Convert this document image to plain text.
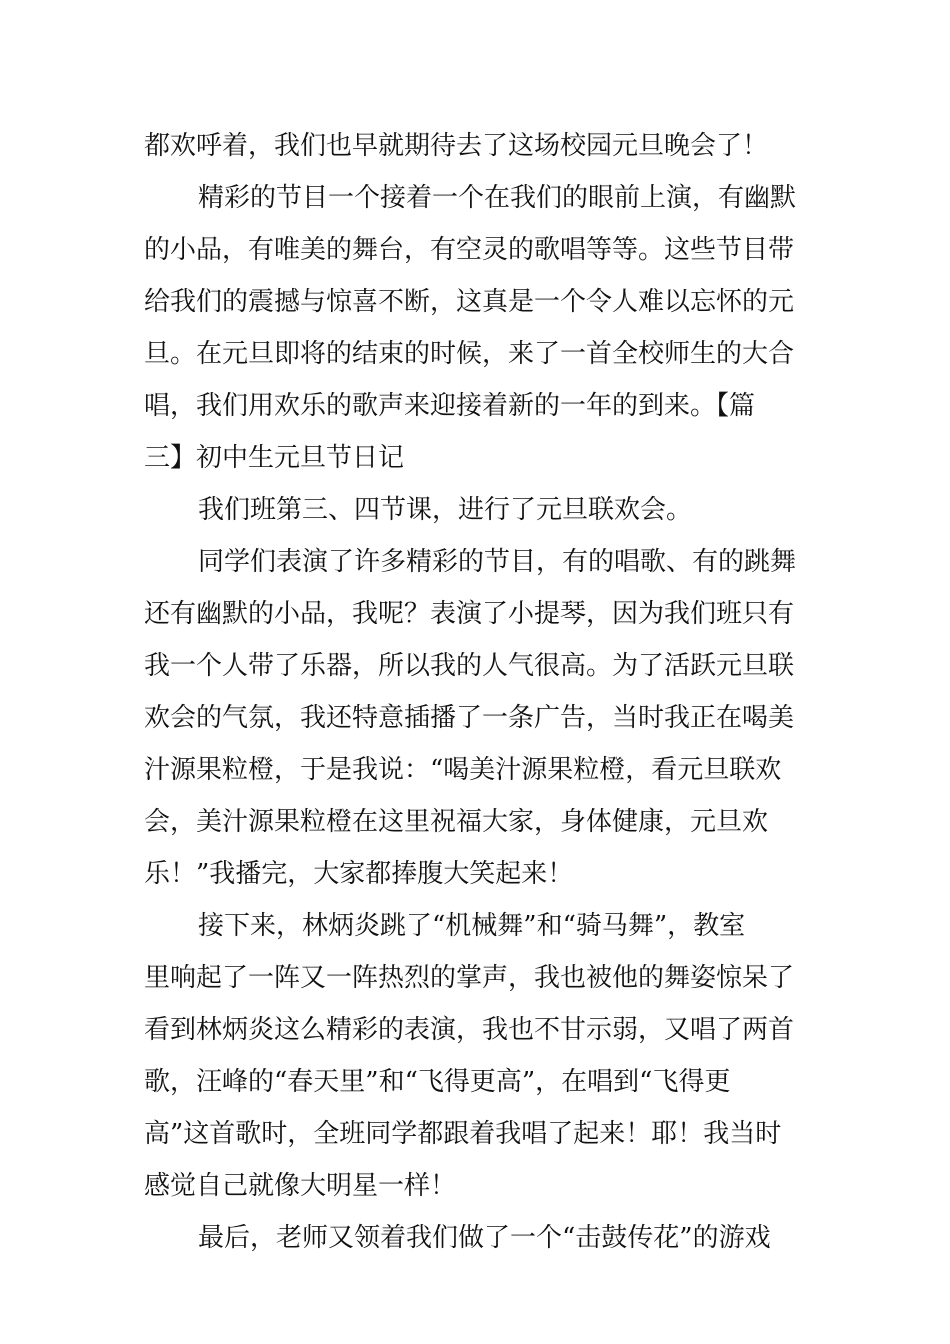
都欢呼着，我们也早就期待去了这场校园元旦晚会了！
精彩的节目一个接着一个在我们的眼前上演，有幽默
的小品，有唯美的舞台，有空灵的歌唱等等。这些节目带
给我们的震撼与惊喜不断，这真是一个令人难以忘怀的元
旦。在元旦即将的结束的时候，来了一首全校师生的大合
唱，我们用欢乐的歌声来迎接着新的一年的到来。【篇
三】初中生元旦节日记
我们班第三、四节课，进行了元旦联欢会。
同学们表演了许多精彩的节目，有的唱歌、有的跳舞
还有幽默的小品，我呢？表演了小提琴，因为我们班只有
我一个人带了乐器，所以我的人气很高。为了活跃元旦联
欢会的气氛，我还特意插播了一条广告，当时我正在喝美
汁源果粒橙，于是我说：“喝美汁源果粒橙，看元旦联欢
会，美汁源果粒橙在这里祝福大家，身体健康，元旦欢
乐！”我播完，大家都捧腹大笑起来！
接下来，林炳炎跳了“机械舞”和“骑马舞”，教室
里响起了一阵又一阵热烈的掌声，我也被他的舞姿惊呆了
看到林炳炎这么精彩的表演，我也不甘示弱，又唱了两首
歌，汪峰的“春天里”和“飞得更高”，在唱到“飞得更
高”这首歌时，全班同学都跟着我唱了起来！耶！我当时
感觉自己就像大明星一样！
最后，老师又领着我们做了一个“击鼓传花”的游戏
